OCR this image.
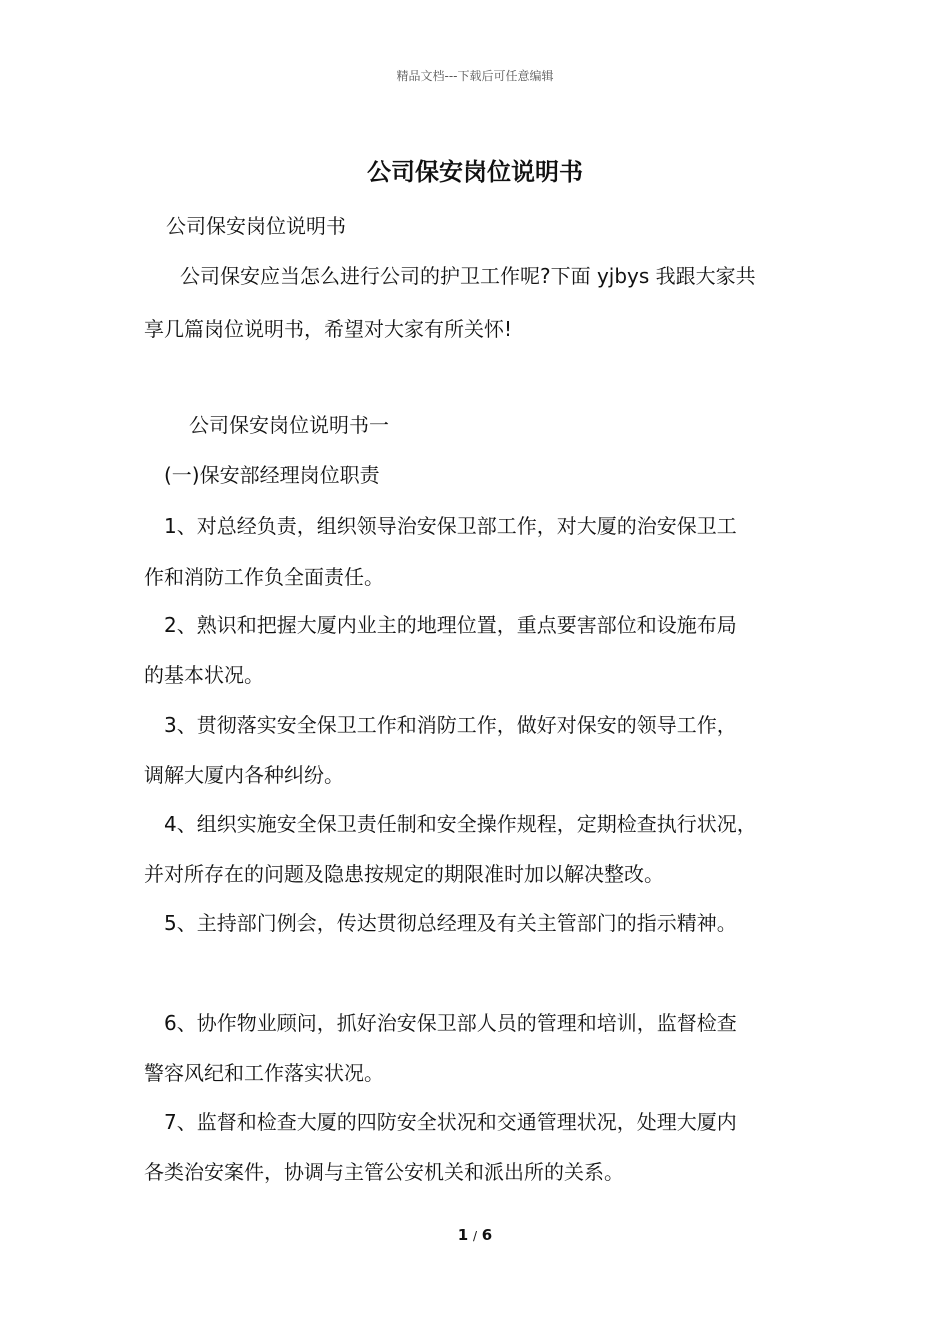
精品文档---下载后可任意编辑
公司保安岗位说明书
公司保安岗位说明书
公司保安应当怎么进行公司的护卫工作呢?下面 yjbys 我跟大家共
享几篇岗位说明书，希望对大家有所关怀!
公司保安岗位说明书一
(一)保安部经理岗位职责
1、对总经负责，组织领导治安保卫部工作，对大厦的治安保卫工
作和消防工作负全面责任。
2、熟识和把握大厦内业主的地理位置，重点要害部位和设施布局
的基本状况。
3、贯彻落实安全保卫工作和消防工作，做好对保安的领导工作，
调解大厦内各种纠纷。
4、组织实施安全保卫责任制和安全操作规程，定期检查执行状况，
并对所存在的问题及隐患按规定的期限准时加以解决整改。
5、主持部门例会，传达贯彻总经理及有关主管部门的指示精神。
6、协作物业顾问，抓好治安保卫部人员的管理和培训，监督检查
警容风纪和工作落实状况。
7、监督和检查大厦的四防安全状况和交通管理状况，处理大厦内
各类治安案件，协调与主管公安机关和派出所的关系。
1 / 6
